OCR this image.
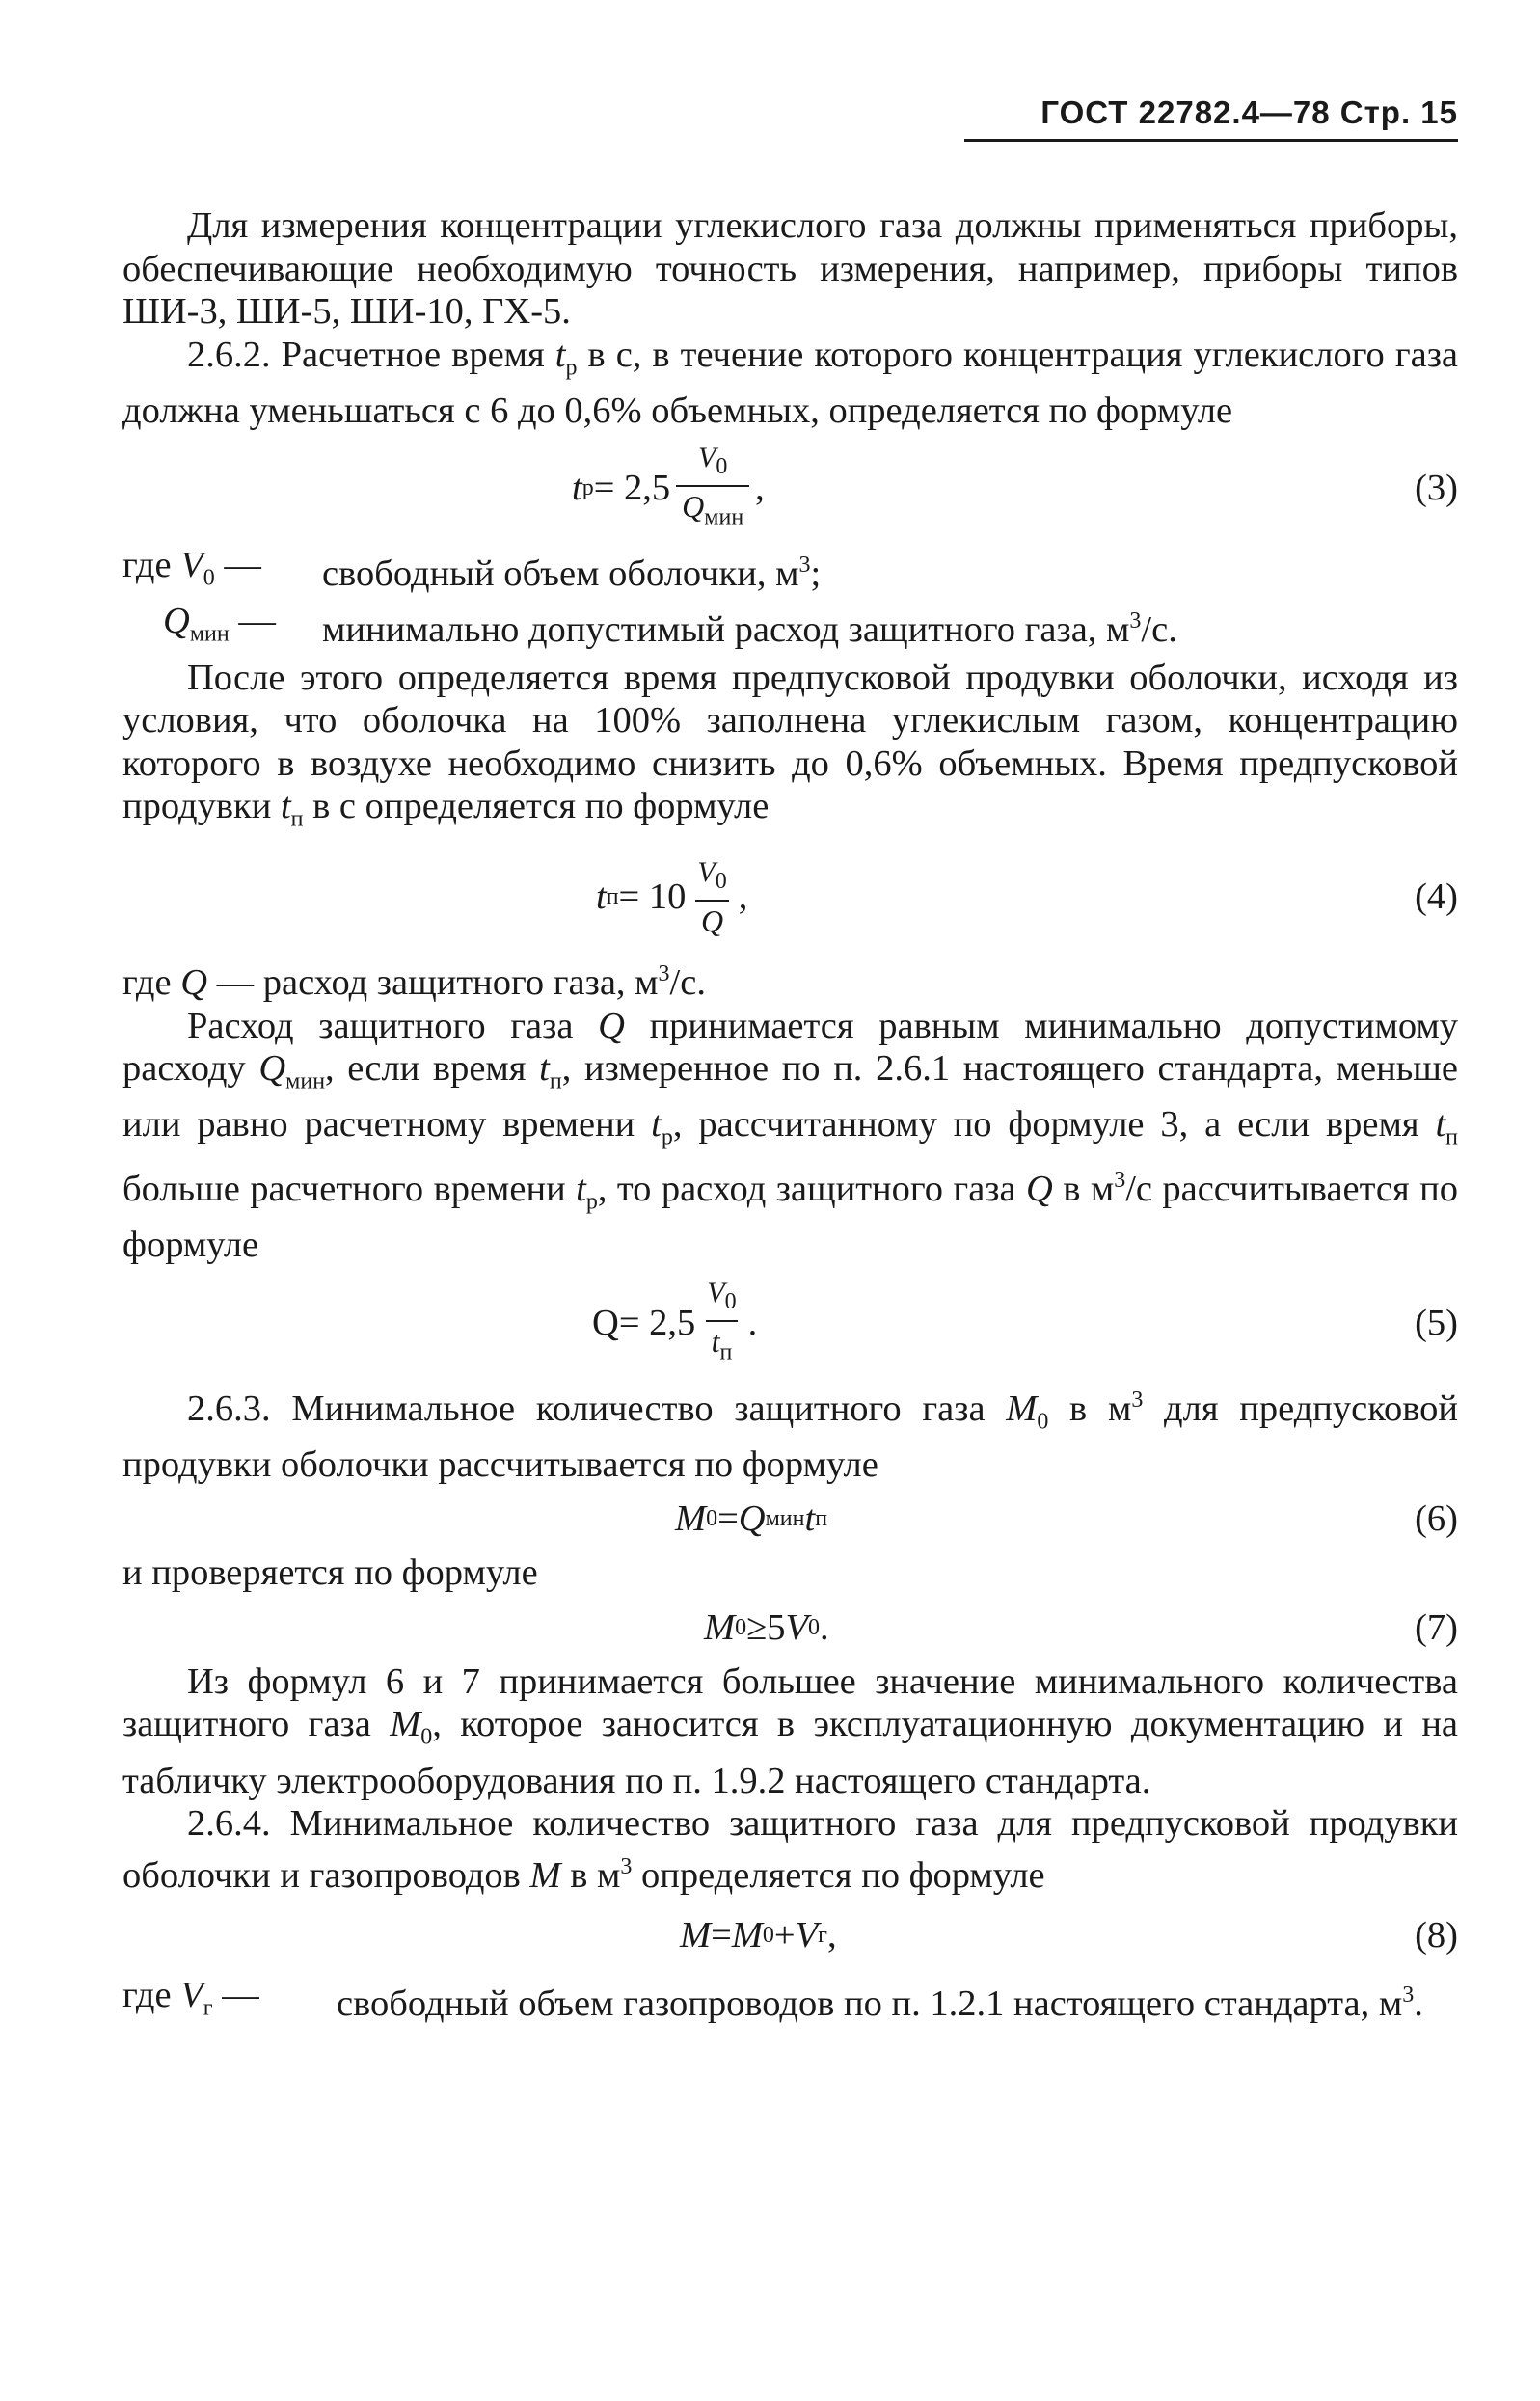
ГОСТ 22782.4—78 Стр. 15

Для измерения концентрации углекислого газа должны применяться приборы, обеспечивающие необходимую точность измерения, например, приборы типов ШИ-3, ШИ-5, ШИ-10, ГХ-5.

2.6.2. Расчетное время $t_р$ в с, в течение которого концентрация углекислого газа должна уменьшаться с 6 до 0,6% объемных, определяется по формуле

t $р = 2,5 \frac{V_0}{Q_{мин}}$ ,	(3)
где $V_0$ —	свободный объем оболочки, $м^3$;
$Q_{мин}$ —	минимально допустимый расход защитного газа, $м^3/с$.

После этого определяется время предпусковой продувки оболочки, исходя из условия, что оболочка на 100% заполнена углекислым газом, концентрацию которого в воздухе необходимо снизить до 0,6% объемных. Время предпусковой продувки $t_п$ в с определяется по формуле

t $п = 10 \frac{V_0}{Q}$ ,	(4)

где Q — расход защитного газа, $м^3/с$.

Расход защитного газа Q принимается равным минимально допустимому расходу $Q_{мин}$, если время $t_п$, измеренное по п. 2.6.1 настоящего стандарта, меньше или равно расчетному времени $t_р$, рассчитанному по формуле 3, а если время $t_п$ больше расчетного времени $t_р$, то расход защитного газа Q в $м^3/с$ рассчитывается по формуле

$Q = 2,5 \frac{V_0}{t_п}$ .	(5)

2.6.3. Минимальное количество защитного газа $M_0$ в $м^3$ для предпусковой продувки оболочки рассчитывается по формуле

M 0 = Q мин t п	(6)

и проверяется по формуле

M 0 ≥ 5 V 0 .	(7)

Из формул 6 и 7 принимается большее значение минимального количества защитного газа $M_0$, которое заносится в эксплуатационную документацию и на табличку электрооборудования по п. 1.9.2 настоящего стандарта.

2.6.4. Минимальное количество защитного газа для предпусковой продувки оболочки и газопроводов M в $м^3$ определяется по формуле

M = M 0 + V г ,	(8)
где $V_г$ —	свободный объем газопроводов по п. 1.2.1 настоящего стандарта, $м^3$.
